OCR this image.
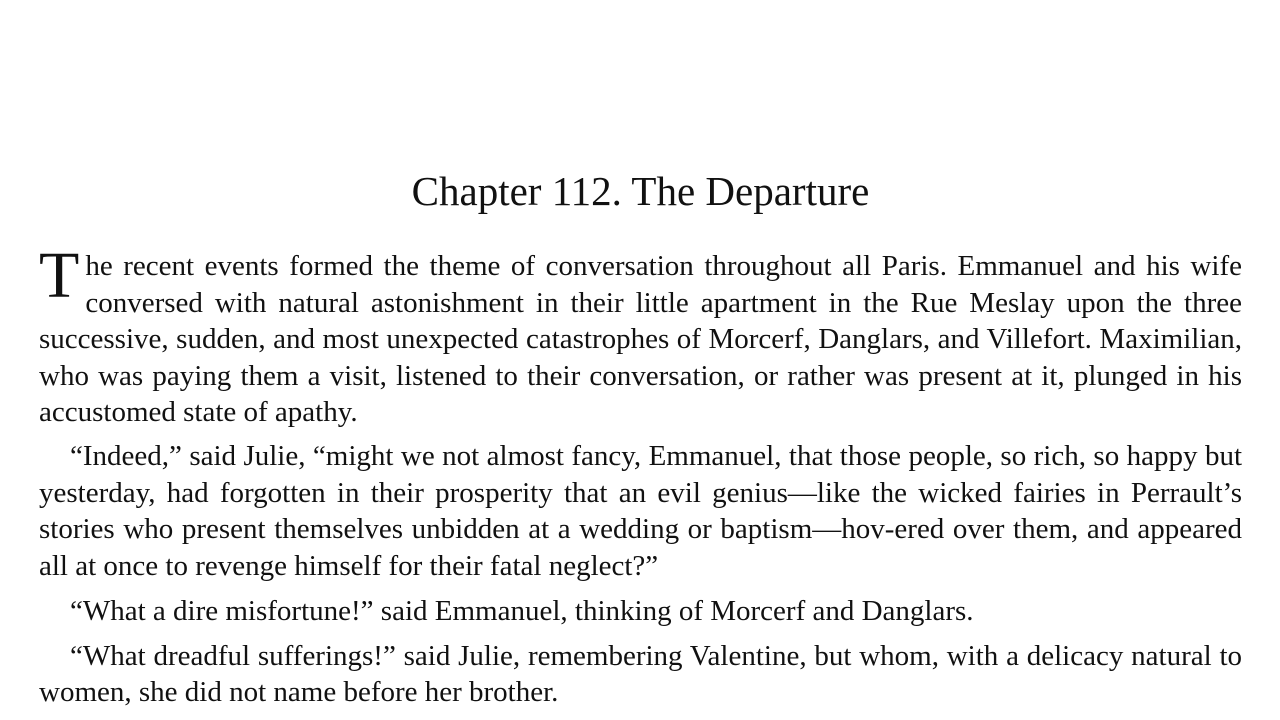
Chapter 112. The Departure

The recent events formed the theme of conversation throughout all Paris. Emmanuel and his wife conversed with natural astonishment in their little apartment in the Rue Meslay upon the three successive, sudden, and most unexpected catastrophes of Morcerf, Danglars, and Villefort. Maximilian, who was paying them a visit, listened to their conversation, or rather was present at it, plunged in his accustomed state of apathy.

“Indeed,” said Julie, “might we not almost fancy, Emmanuel, that those people, so rich, so happy but yesterday, had forgotten in their prosperity that an evil genius—like the wicked fairies in Perrault’s stories who present themselves unbidden at a wedding or baptism—hov-ered over them, and appeared all at once to revenge himself for their fatal neglect?”

“What a dire misfortune!” said Emmanuel, thinking of Morcerf and Danglars.

“What dreadful sufferings!” said Julie, remembering Valentine, but whom, with a delicacy natural to women, she did not name before her brother.
